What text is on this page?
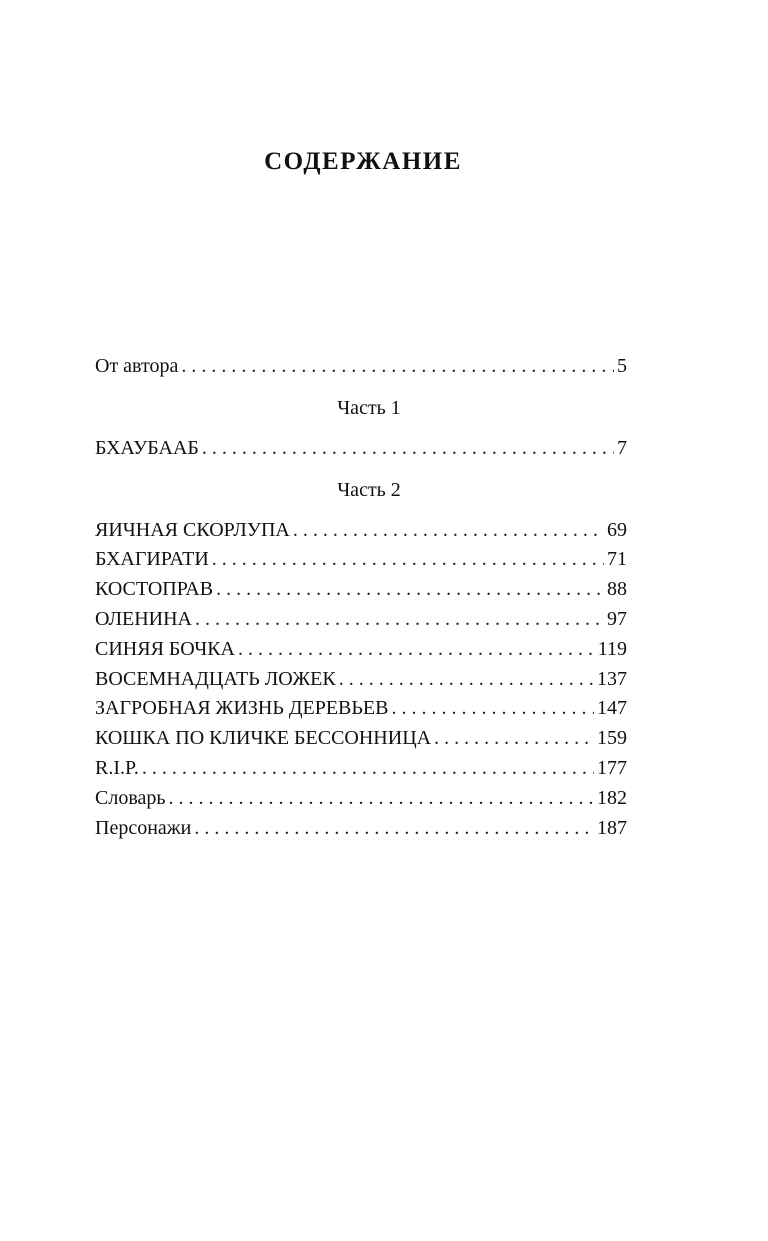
СОДЕРЖАНИЕ
От автора . . .	5
Часть 1
БХАУБААБ . . .	7
Часть 2
ЯИЧНАЯ СКОРЛУПА . . .	69
БХАГИРАТИ . . .	71
КОСТОПРАВ . . .	88
ОЛЕНИНА . . .	97
СИНЯЯ БОЧКА . . .	119
ВОСЕМНАДЦАТЬ ЛОЖЕК . . .	137
ЗАГРОБНАЯ ЖИЗНЬ ДЕРЕВЬЕВ . . .	147
КОШКА ПО КЛИЧКЕ БЕССОННИЦА . . .	159
R.I.P. . . .	177
Словарь . . .	182
Персонажи . . .	187
